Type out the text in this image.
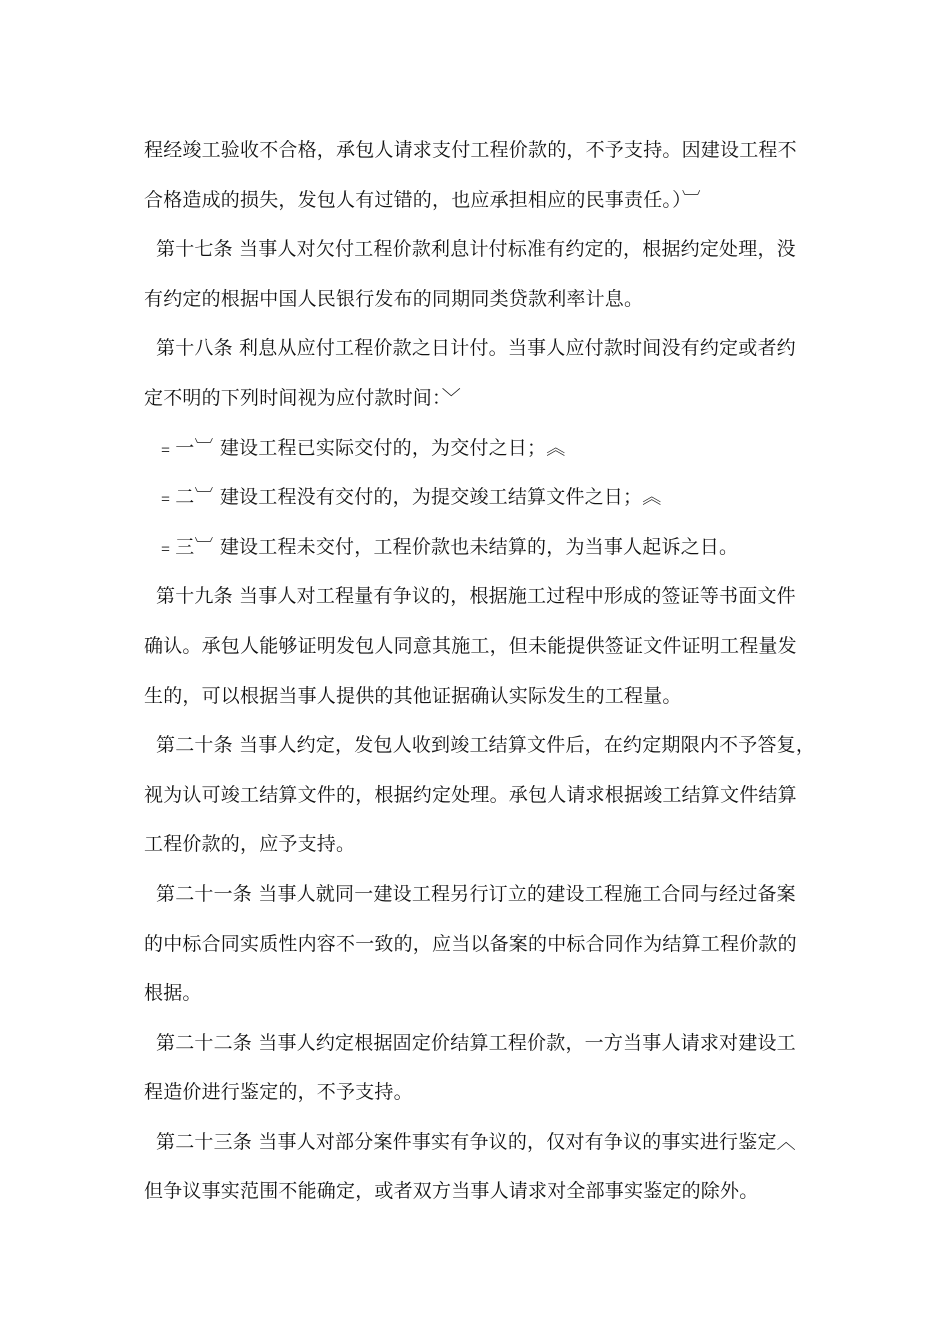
程经竣工验收不合格，承包人请求支付工程价款的，不予支持。因建设工程不
合格造成的损失，发包人有过错的，也应承担相应的民事责任。）︺
第十七条 当事人对欠付工程价款利息计付标准有约定的，根据约定处理，没
有约定的根据中国人民银行发布的同期同类贷款利率计息。
第十八条 利息从应付工程价款之日计付。当事人应付款时间没有约定或者约
定不明的下列时间视为应付款时间：﹀
﹦一︺ 建设工程已实际交付的，为交付之日；︽
﹦二︺ 建设工程没有交付的，为提交竣工结算文件之日；︽
﹦三︺ 建设工程未交付，工程价款也未结算的，为当事人起诉之日。
第十九条 当事人对工程量有争议的，根据施工过程中形成的签证等书面文件
确认。承包人能够证明发包人同意其施工，但未能提供签证文件证明工程量发
生的，可以根据当事人提供的其他证据确认实际发生的工程量。
第二十条 当事人约定，发包人收到竣工结算文件后，在约定期限内不予答复，
视为认可竣工结算文件的，根据约定处理。承包人请求根据竣工结算文件结算
工程价款的，应予支持。
第二十一条 当事人就同一建设工程另行订立的建设工程施工合同与经过备案
的中标合同实质性内容不一致的，应当以备案的中标合同作为结算工程价款的
根据。
第二十二条 当事人约定根据固定价结算工程价款，一方当事人请求对建设工
程造价进行鉴定的，不予支持。
第二十三条 当事人对部分案件事实有争议的，仅对有争议的事实进行鉴定︿
但争议事实范围不能确定，或者双方当事人请求对全部事实鉴定的除外。
